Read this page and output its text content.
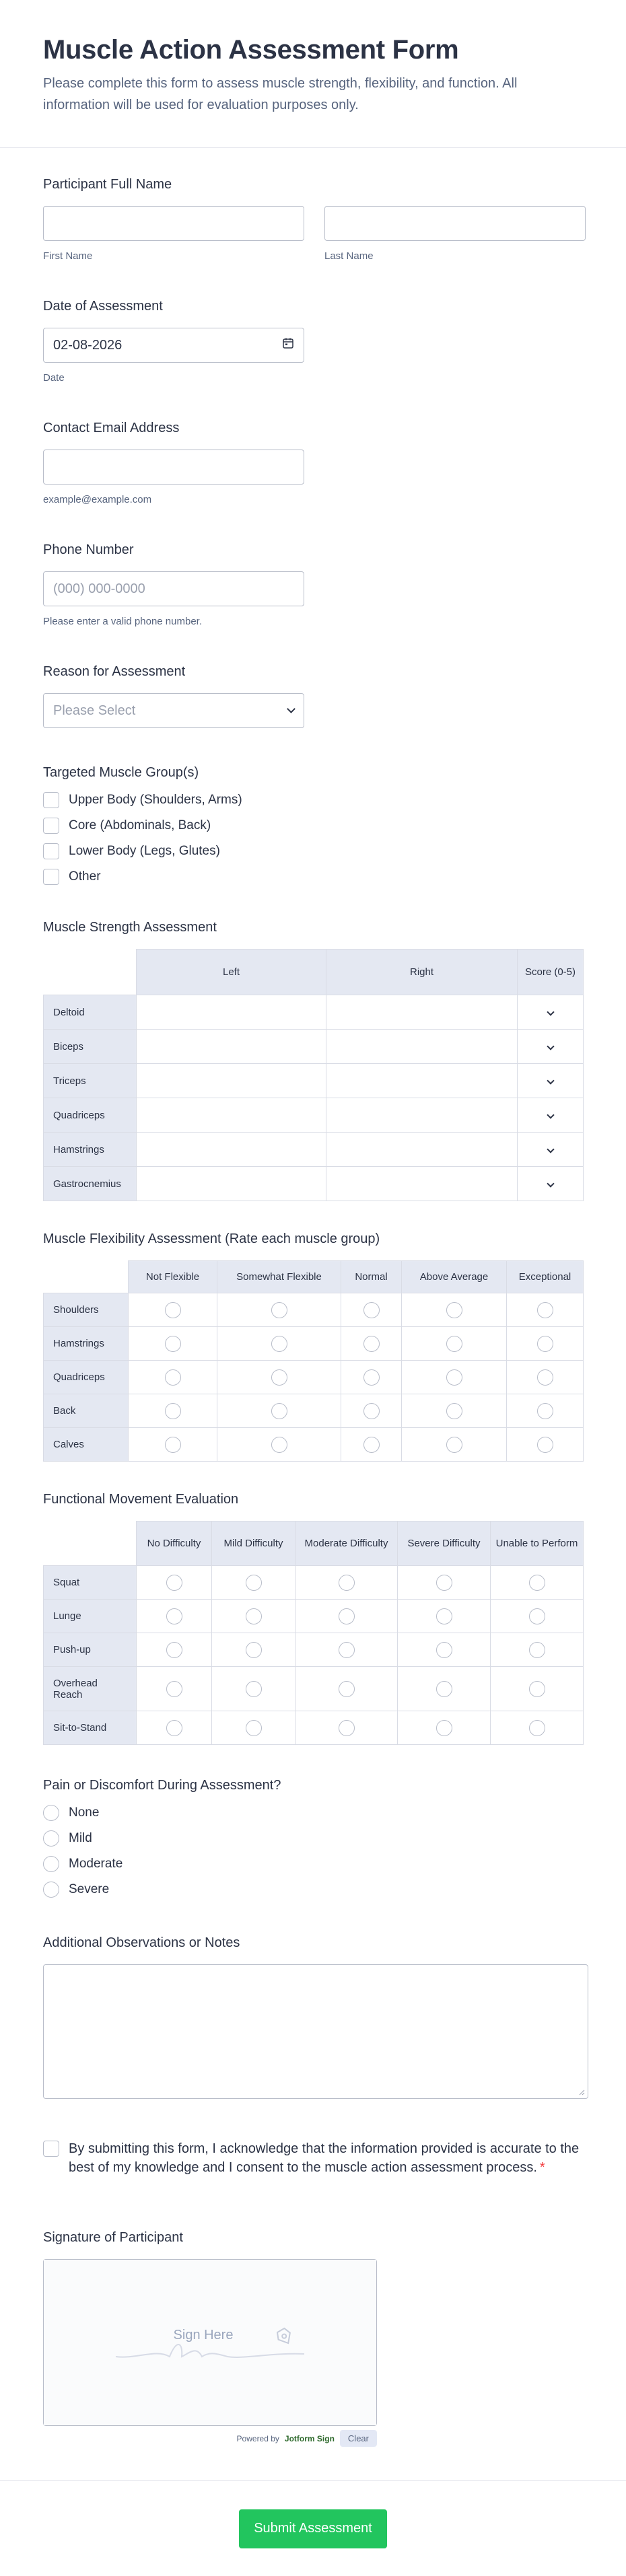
Muscle Action Assessment Form

Please complete this form to assess muscle strength, flexibility, and function. All information will be used for evaluation purposes only.

Participant Full Name
First Name	Last Name
Date of Assessment
02-08-2026
Date
Contact Email Address
example@example.com
Phone Number
(000) 000-0000
Please enter a valid phone number.
Reason for Assessment
Please Select
Targeted Muscle Group(s)
Upper Body (Shoulders, Arms)
Core (Abdominals, Back)
Lower Body (Legs, Glutes)
Other
Muscle Strength Assessment
	Left	Right	Score (0-5)
Deltoid			
Biceps			
Triceps			
Quadriceps			
Hamstrings			
Gastrocnemius			
Muscle Flexibility Assessment (Rate each muscle group)
	Not Flexible	Somewhat Flexible	Normal	Above Average	Exceptional
Shoulders					
Hamstrings					
Quadriceps					
Back					
Calves					
Functional Movement Evaluation
	No Difficulty	Mild Difficulty	Moderate Difficulty	Severe Difficulty	Unable to Perform
Squat					
Lunge					
Push-up					
Overhead Reach					
Sit-to-Stand					
Pain or Discomfort During Assessment?
None
Mild
Moderate
Severe
Additional Observations or Notes
By submitting this form, I acknowledge that the information provided is accurate to the best of my knowledge and I consent to the muscle action assessment process. *
Signature of Participant
Sign Here
Powered by Jotform Sign	Clear
Submit Assessment
